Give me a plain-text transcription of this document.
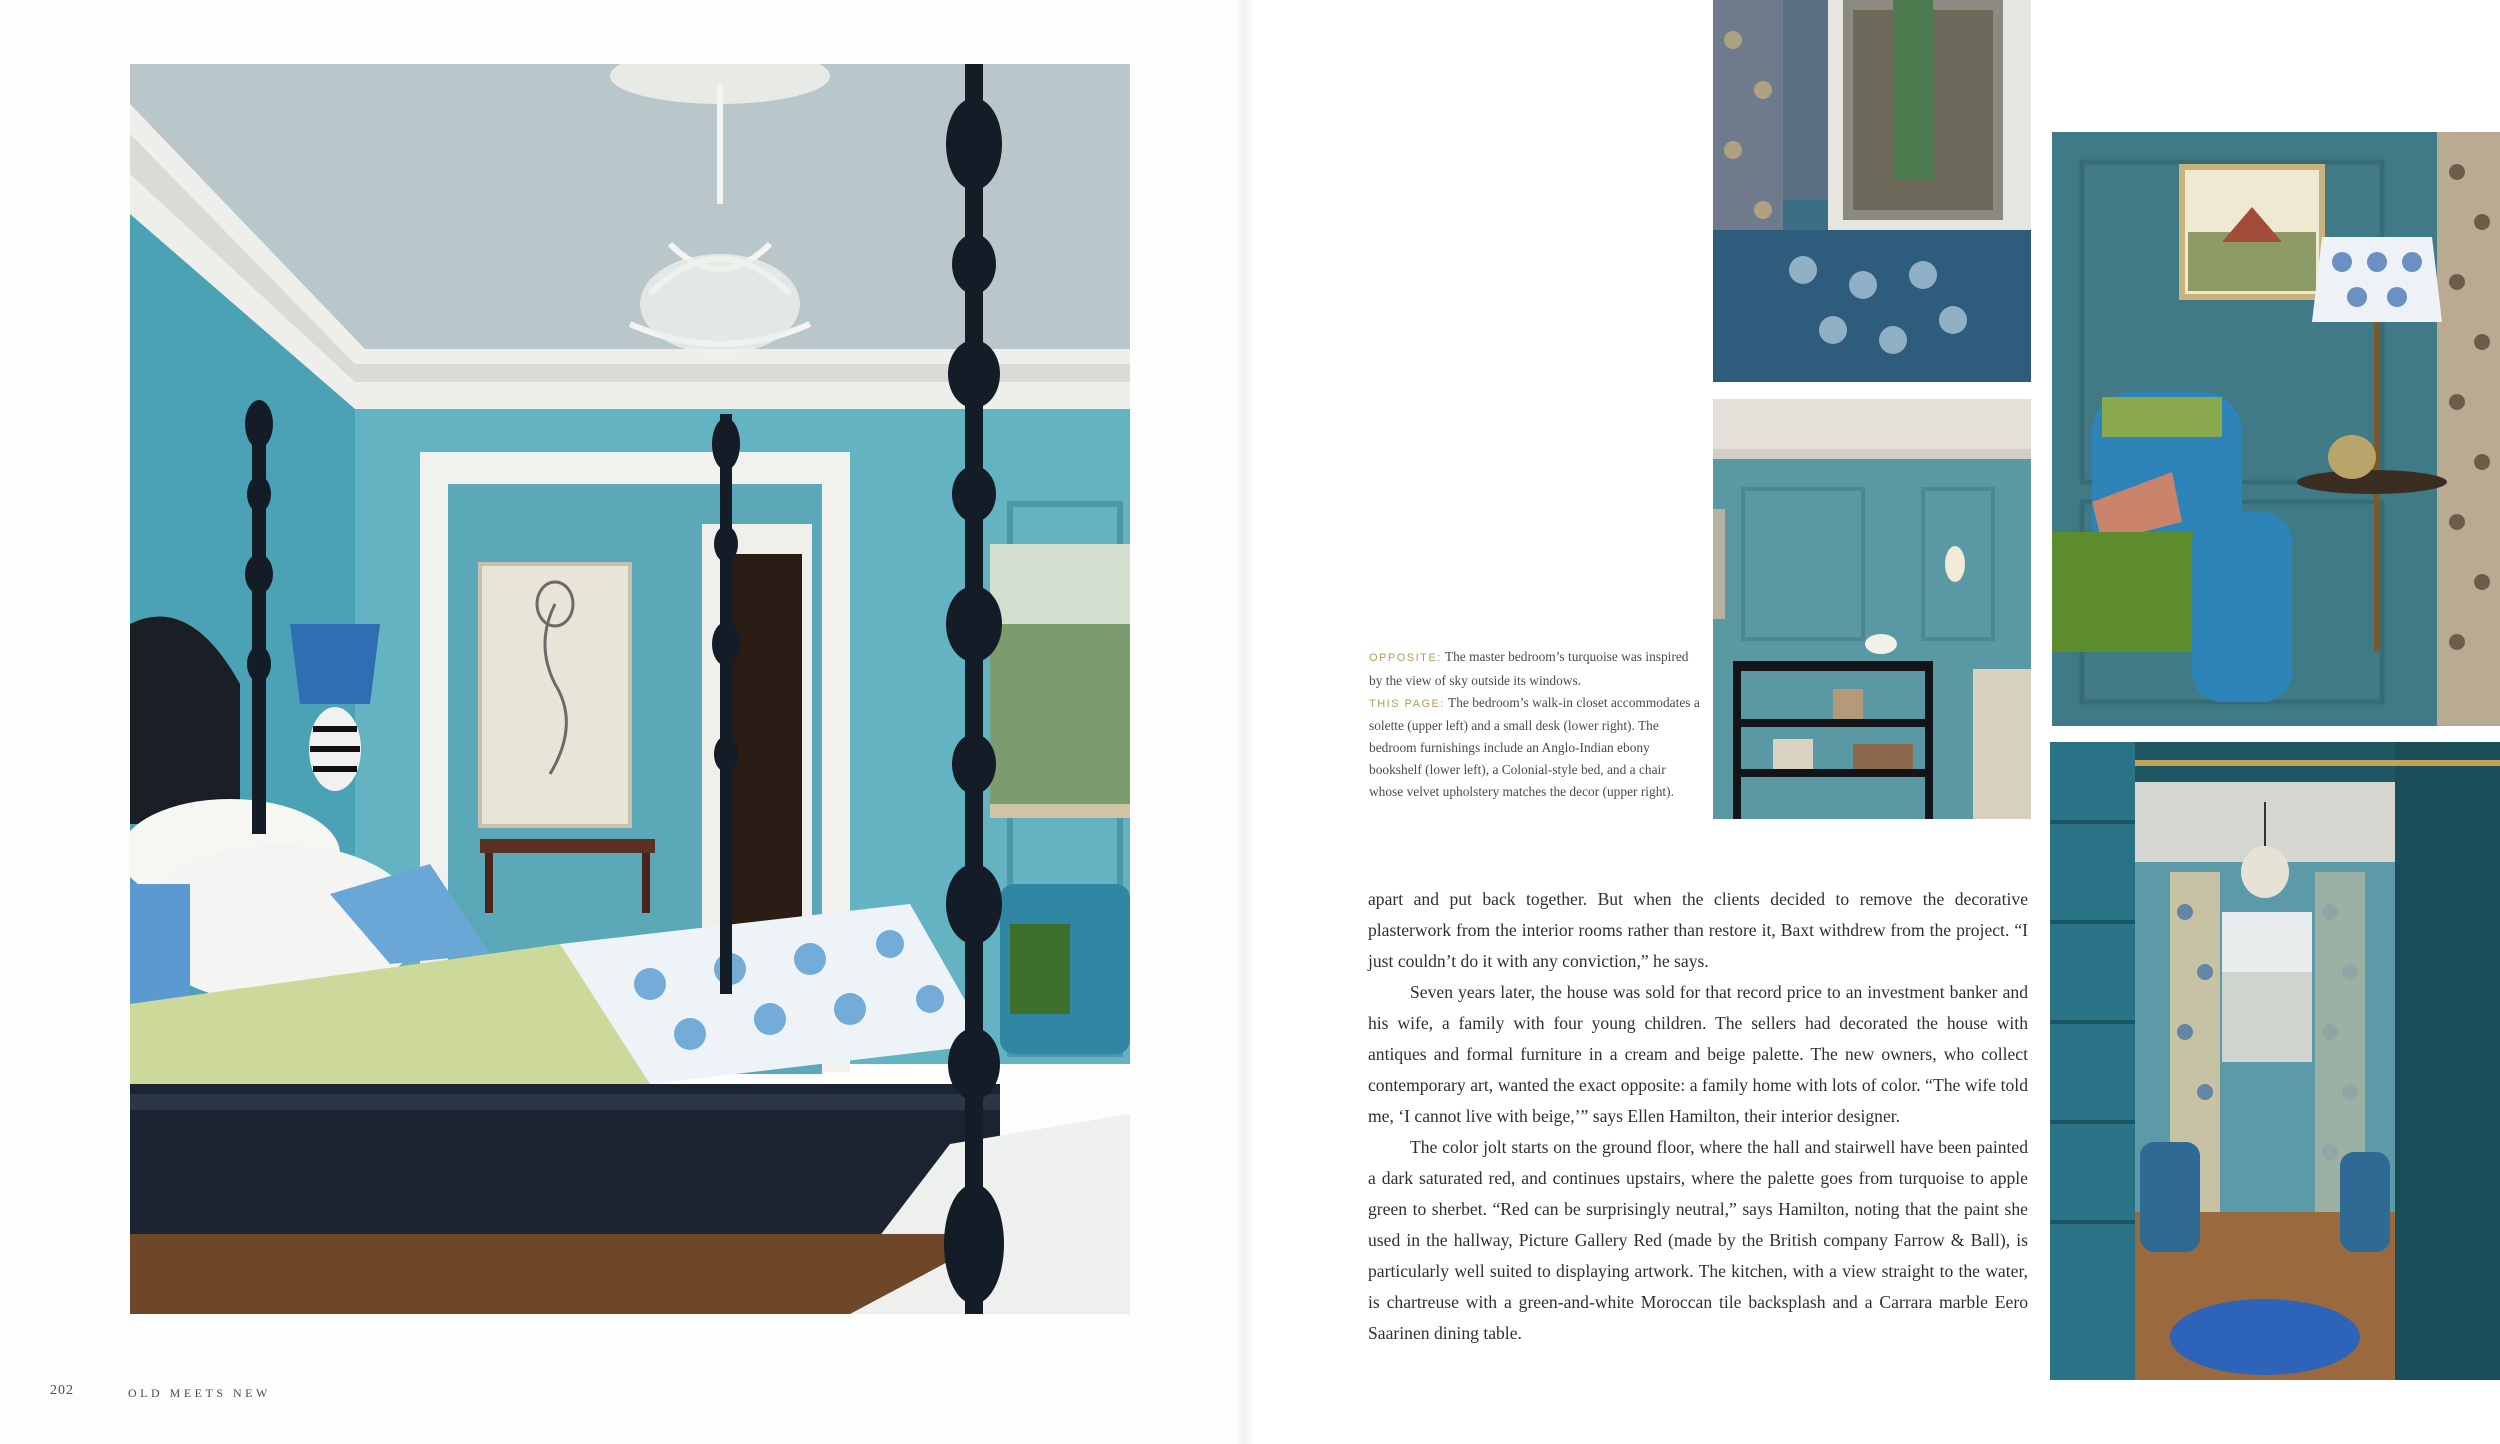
202	OLD MEETS NEW
OPPOSITE: The master bedroom’s turquoise was inspired by the view of sky outside its windows.
THIS PAGE: The bedroom’s walk-in closet accommodates a solette (upper left) and a small desk (lower right). The bedroom furnishings include an Anglo-Indian ebony bookshelf (lower left), a Colonial-style bed, and a chair whose velvet upholstery matches the decor (upper right).

apart and put back together. But when the clients decided to remove the decorative plasterwork from the interior rooms rather than restore it, Baxt withdrew from the project. “I just couldn’t do it with any conviction,” he says.

Seven years later, the house was sold for that record price to an investment banker and his wife, a family with four young children. The sellers had decorated the house with antiques and formal furniture in a cream and beige palette. The new owners, who collect contemporary art, wanted the exact opposite: a family home with lots of color. “The wife told me, ‘I cannot live with beige,’” says Ellen Hamilton, their interior designer.

The color jolt starts on the ground floor, where the hall and stairwell have been painted a dark saturated red, and continues upstairs, where the palette goes from turquoise to apple green to sherbet. “Red can be surprisingly neutral,” says Hamilton, noting that the paint she used in the hallway, Picture Gallery Red (made by the British company Farrow & Ball), is particularly well suited to displaying artwork. The kitchen, with a view straight to the water, is chartreuse with a green-and-white Moroccan tile backsplash and a Carrara marble Eero Saarinen dining table.
